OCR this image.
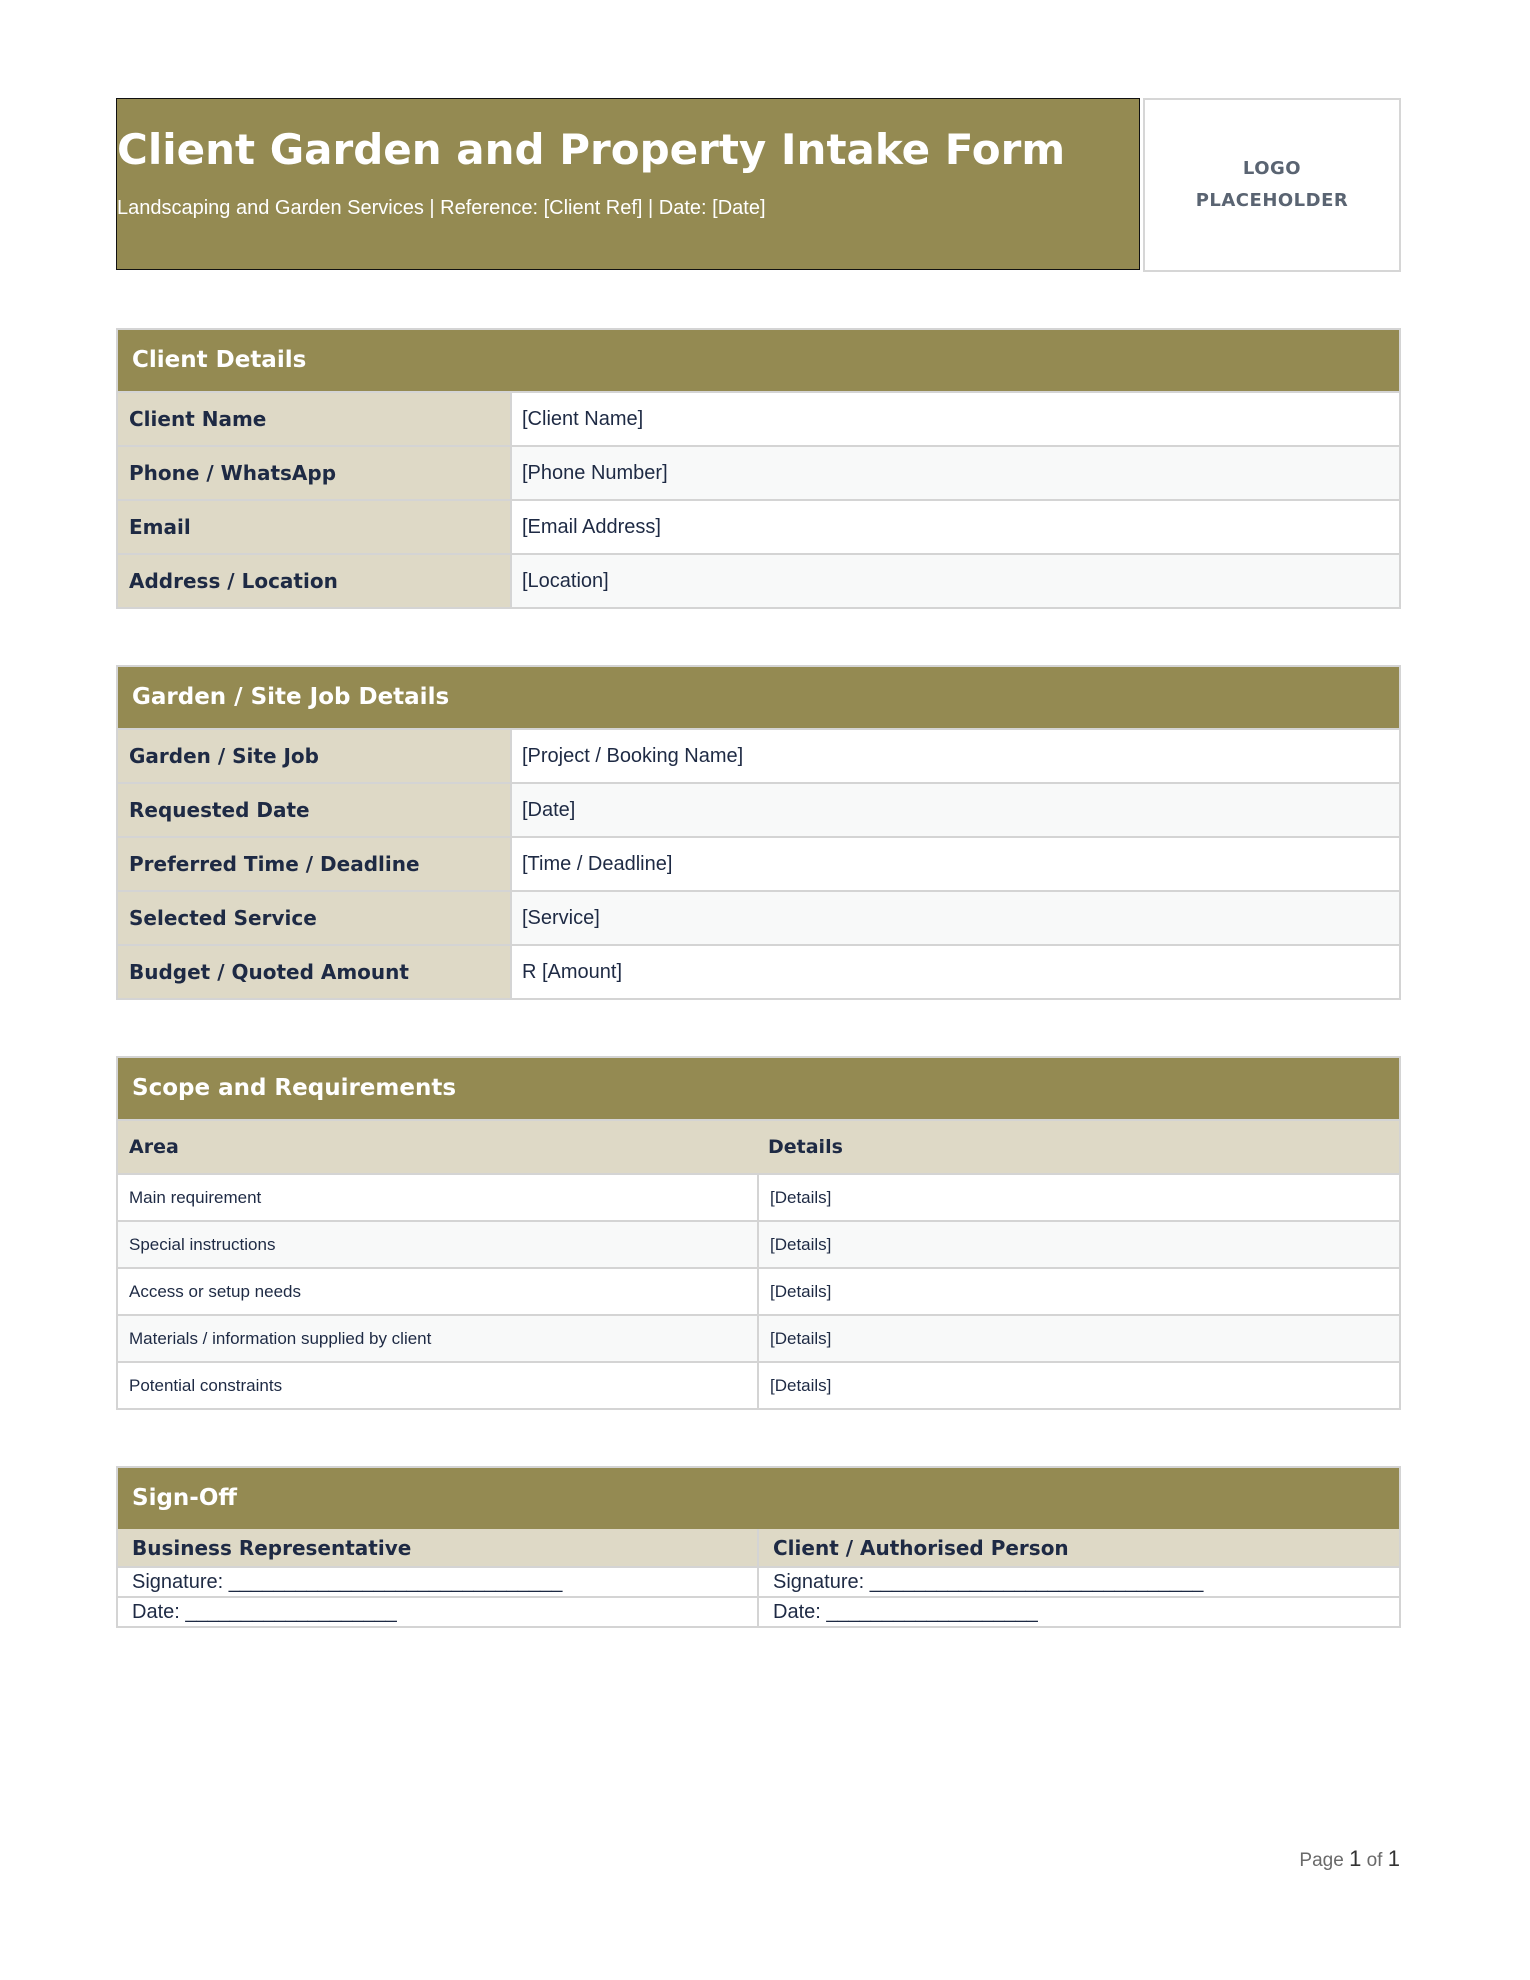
Client Garden and Property Intake Form
Landscaping and Garden Services | Reference: [Client Ref] | Date: [Date]
LOGO
PLACEHOLDER
Client Details
Client Name	[Client Name]
Phone / WhatsApp	[Phone Number]
Email	[Email Address]
Address / Location	[Location]
Garden / Site Job Details
Garden / Site Job	[Project / Booking Name]
Requested Date	[Date]
Preferred Time / Deadline	[Time / Deadline]
Selected Service	[Service]
Budget / Quoted Amount	R [Amount]
Scope and Requirements
Area	Details
Main requirement	[Details]
Special instructions	[Details]
Access or setup needs	[Details]
Materials / information supplied by client	[Details]
Potential constraints	[Details]
Sign-Off
Business Representative	Client / Authorised Person
Signature: ______________________________	Signature: ______________________________
Date: ___________________	Date: ___________________
Page 1 of 1
